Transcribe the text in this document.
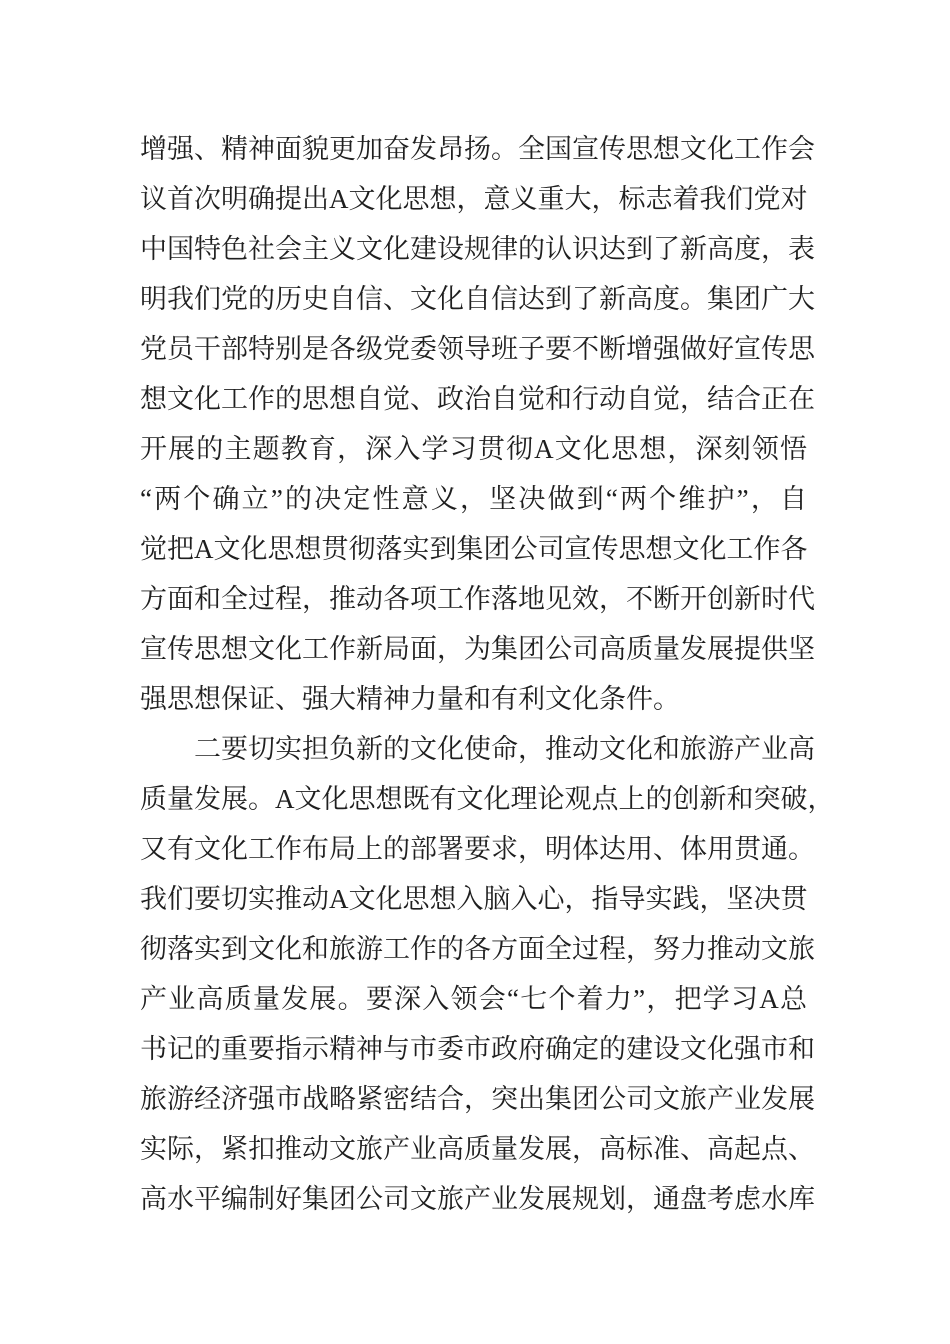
增强、精神面貌更加奋发昂扬。全国宣传思想文化工作会
议首次明确提出A文化思想，意义重大，标志着我们党对
中国特色社会主义文化建设规律的认识达到了新高度，表
明我们党的历史自信、文化自信达到了新高度。集团广大
党员干部特别是各级党委领导班子要不断增强做好宣传思
想文化工作的思想自觉、政治自觉和行动自觉，结合正在
开展的主题教育，深入学习贯彻A文化思想，深刻领悟
“两个确立”的决定性意义，坚决做到“两个维护”，自
觉把A文化思想贯彻落实到集团公司宣传思想文化工作各
方面和全过程，推动各项工作落地见效，不断开创新时代
宣传思想文化工作新局面，为集团公司高质量发展提供坚
强思想保证、强大精神力量和有利文化条件。
二要切实担负新的文化使命，推动文化和旅游产业高
质量发展。A文化思想既有文化理论观点上的创新和突破，
又有文化工作布局上的部署要求，明体达用、体用贯通。
我们要切实推动A文化思想入脑入心，指导实践，坚决贯
彻落实到文化和旅游工作的各方面全过程，努力推动文旅
产业高质量发展。要深入领会“七个着力”，把学习A总
书记的重要指示精神与市委市政府确定的建设文化强市和
旅游经济强市战略紧密结合，突出集团公司文旅产业发展
实际，紧扣推动文旅产业高质量发展，高标准、高起点、
高水平编制好集团公司文旅产业发展规划，通盘考虑水库
